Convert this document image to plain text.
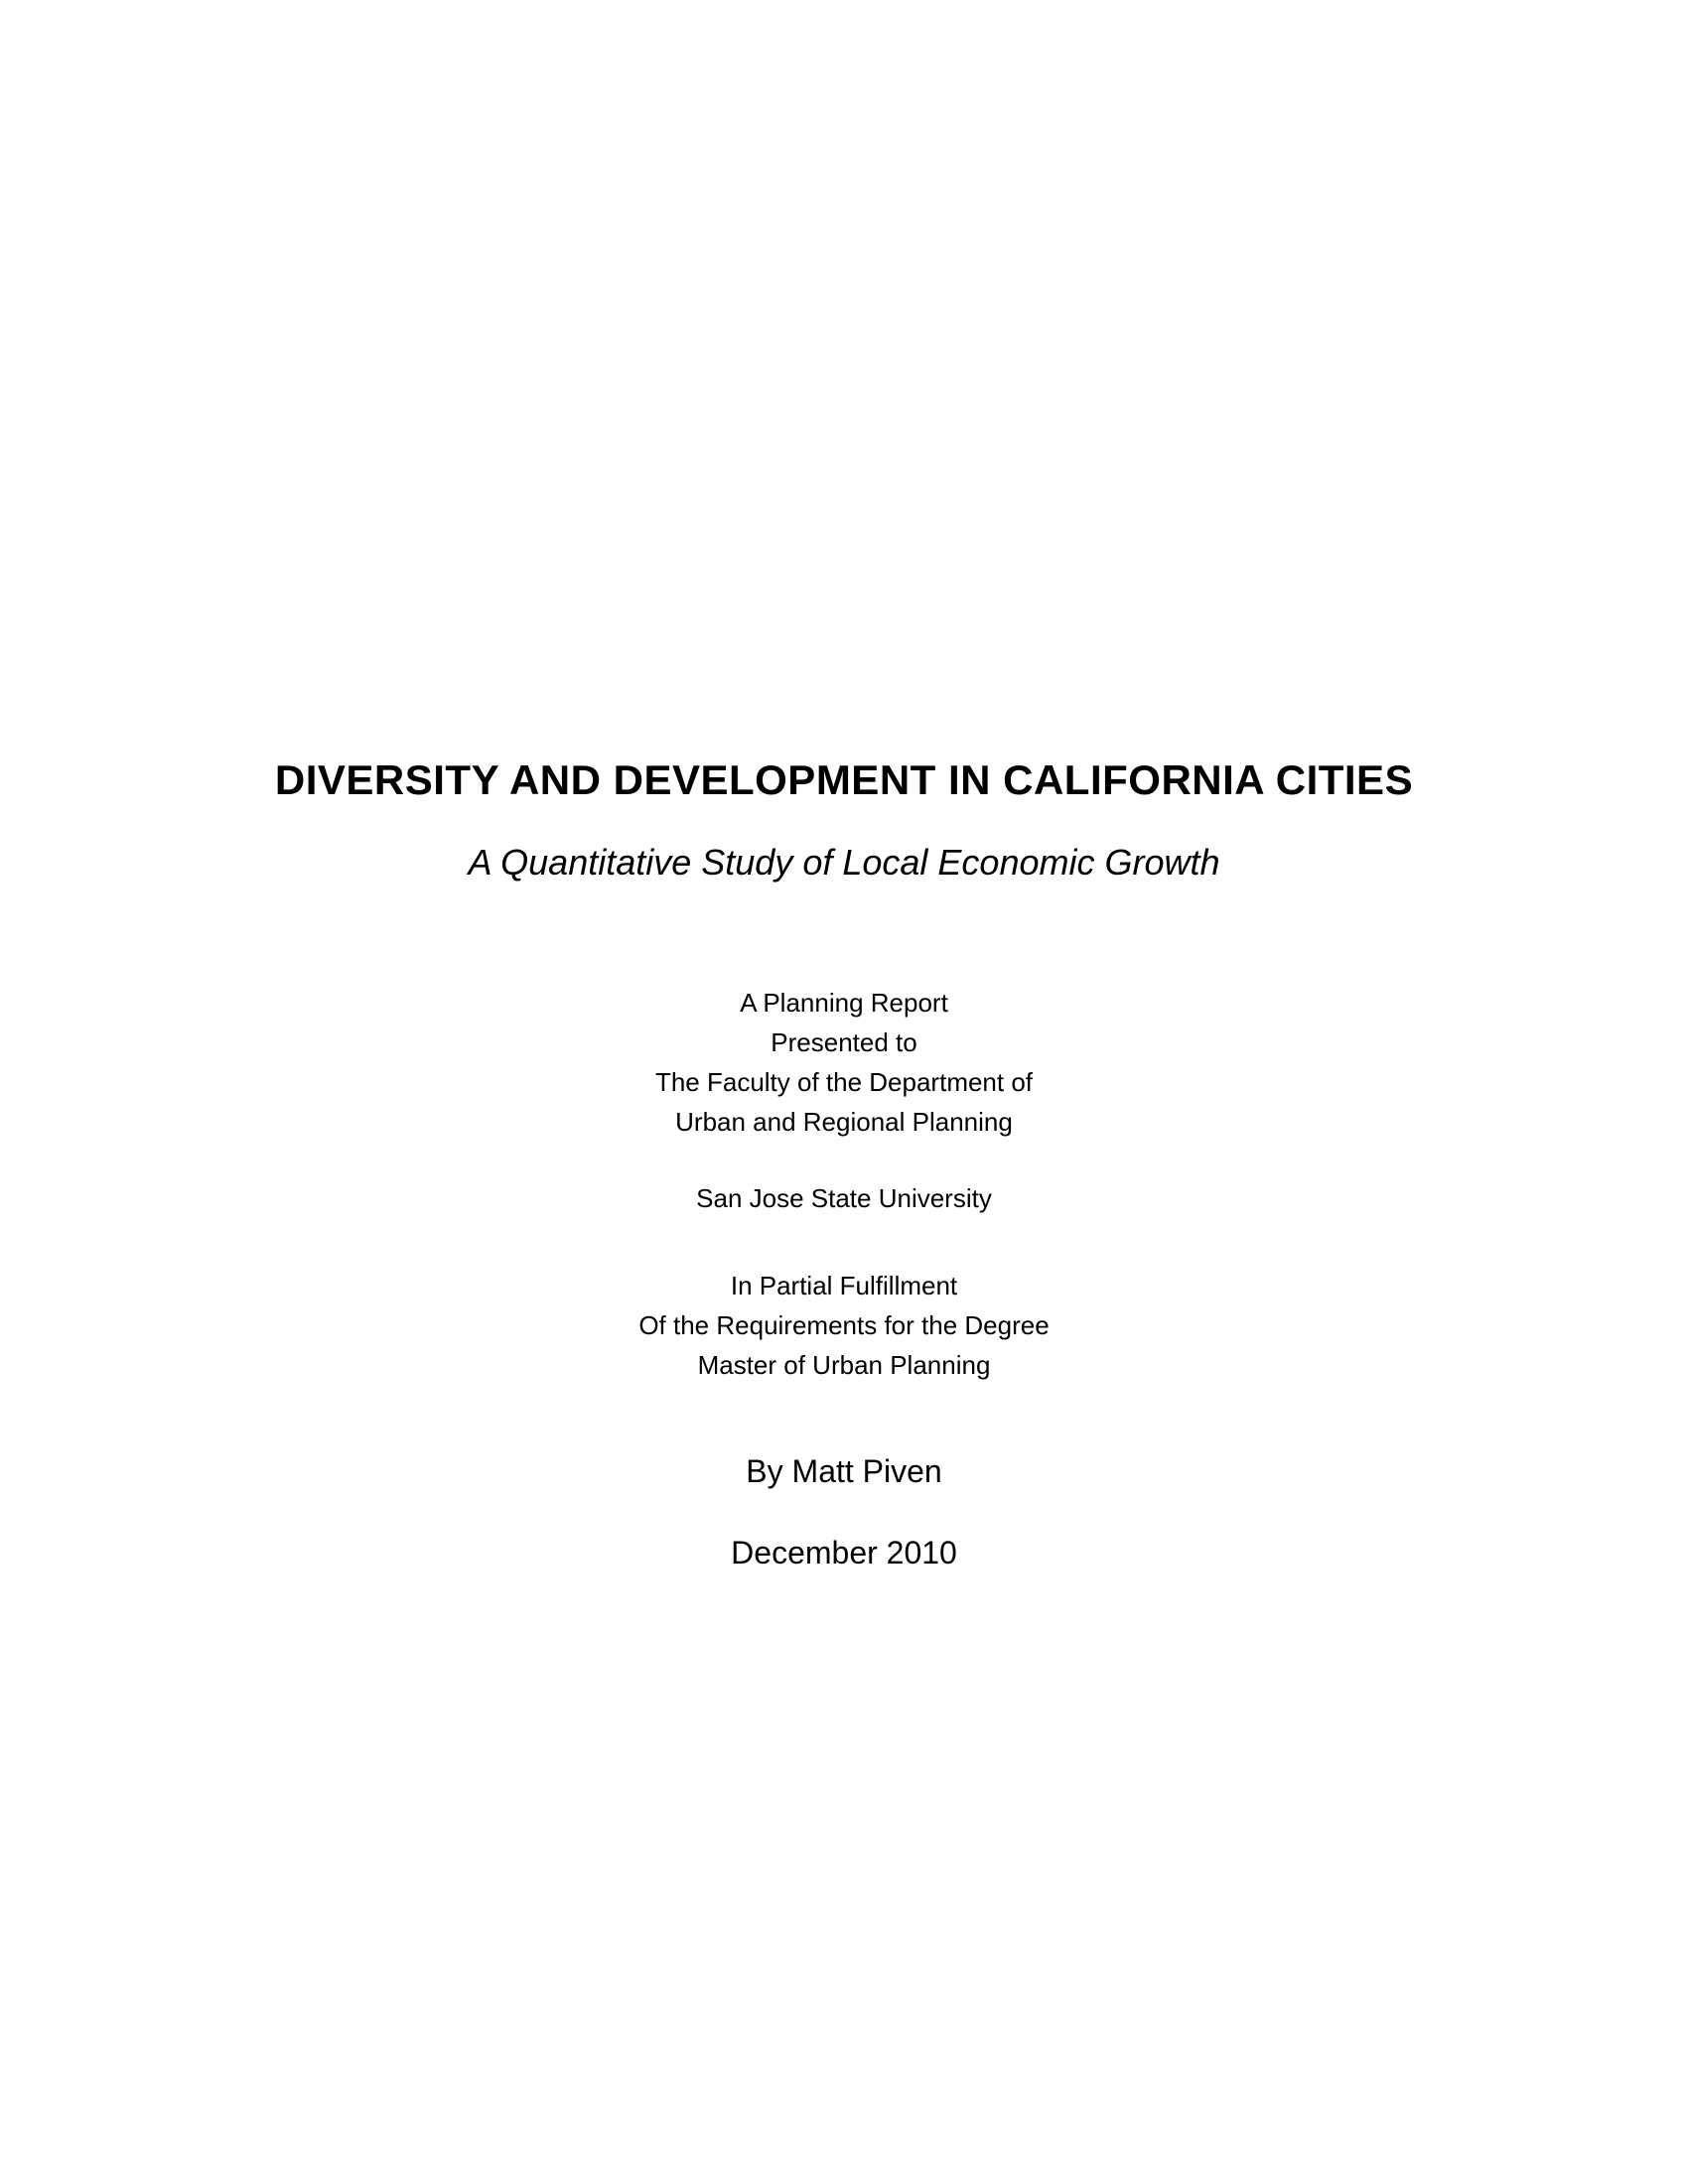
DIVERSITY AND DEVELOPMENT IN CALIFORNIA CITIES
A Quantitative Study of Local Economic Growth
A Planning Report
Presented to
The Faculty of the Department of
Urban and Regional Planning
San Jose State University
In Partial Fulfillment
Of the Requirements for the Degree
Master of Urban Planning
By Matt Piven
December 2010
